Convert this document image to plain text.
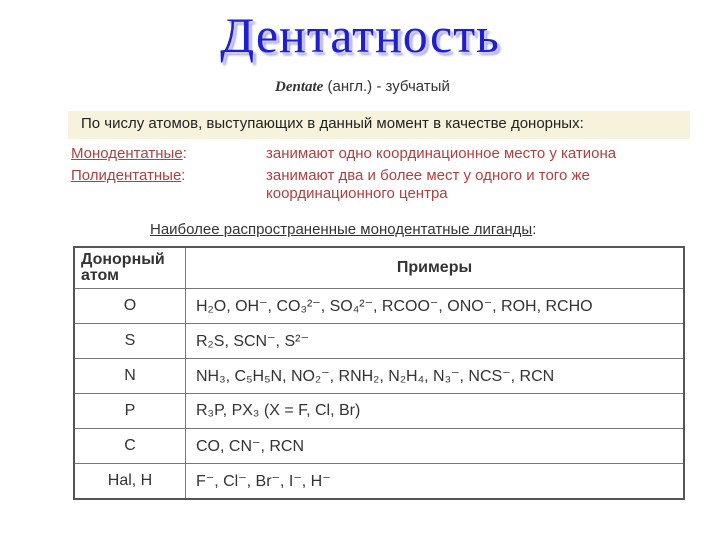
Дентатность
Dentate (англ.) - зубчатый
По числу атомов, выступающих в данный момент в качестве донорных:
Монодентатные:	занимают одно координационное место у катиона
Полидентатные:	занимают два и более мест у одного и того же координационного центра
Наиболее распространенные монодентатные лиганды:
Донорный атом	Примеры
O	H₂O, OH⁻, CO₃²⁻, SO₄²⁻, RCOO⁻, ONO⁻, ROH, RCHO
S	R₂S, SCN⁻, S²⁻
N	NH₃, C₅H₅N, NO₂⁻, RNH₂, N₂H₄, N₃⁻, NCS⁻, RCN
P	R₃P, PX₃ (X = F, Cl, Br)
C	CO, CN⁻, RCN
Hal, H	F⁻, Cl⁻, Br⁻, I⁻, H⁻
